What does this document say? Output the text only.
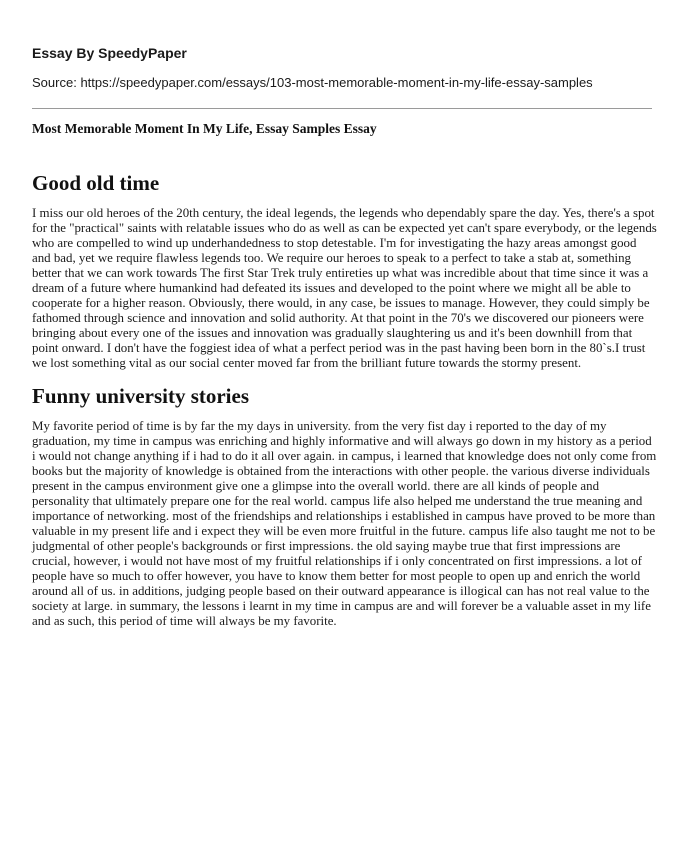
Essay By SpeedyPaper
Source: https://speedypaper.com/essays/103-most-memorable-moment-in-my-life-essay-samples
Most Memorable Moment In My Life, Essay Samples Essay
Good old time

I miss our old heroes of the 20th century, the ideal legends, the legends who dependably spare the day. Yes, there's a spot for the "practical" saints with relatable issues who do as well as can be expected yet can't spare everybody, or the legends who are compelled to wind up underhandedness to stop detestable. I'm for investigating the hazy areas amongst good and bad, yet we require flawless legends too. We require our heroes to speak to a perfect to take a stab at, something better that we can work towards The first Star Trek truly entireties up what was incredible about that time since it was a dream of a future where humankind had defeated its issues and developed to the point where we might all be able to cooperate for a higher reason. Obviously, there would, in any case, be issues to manage. However, they could simply be fathomed through science and innovation and solid authority. At that point in the 70's we discovered our pioneers were bringing about every one of the issues and innovation was gradually slaughtering us and it's been downhill from that point onward. I don't have the foggiest idea of what a perfect period was in the past having been born in the 80`s.I trust we lost something vital as our social center moved far from the brilliant future towards the stormy present.

Funny university stories

My favorite period of time is by far the my days in university. from the very fist day i reported to the day of my graduation, my time in campus was enriching and highly informative and will always go down in my history as a period i would not change anything if i had to do it all over again. in campus, i learned that knowledge does not only come from books but the majority of knowledge is obtained from the interactions with other people. the various diverse individuals present in the campus environment give one a glimpse into the overall world. there are all kinds of people and personality that ultimately prepare one for the real world. campus life also helped me understand the true meaning and importance of networking. most of the friendships and relationships i established in campus have proved to be more than valuable in my present life and i expect they will be even more fruitful in the future. campus life also taught me not to be judgmental of other people's backgrounds or first impressions. the old saying maybe true that first impressions are crucial, however, i would not have most of my fruitful relationships if i only concentrated on first impressions. a lot of people have so much to offer however, you have to know them better for most people to open up and enrich the world around all of us. in additions, judging people based on their outward appearance is illogical can has not real value to the society at large. in summary, the lessons i learnt in my time in campus are and will forever be a valuable asset in my life and as such, this period of time will always be my favorite.
